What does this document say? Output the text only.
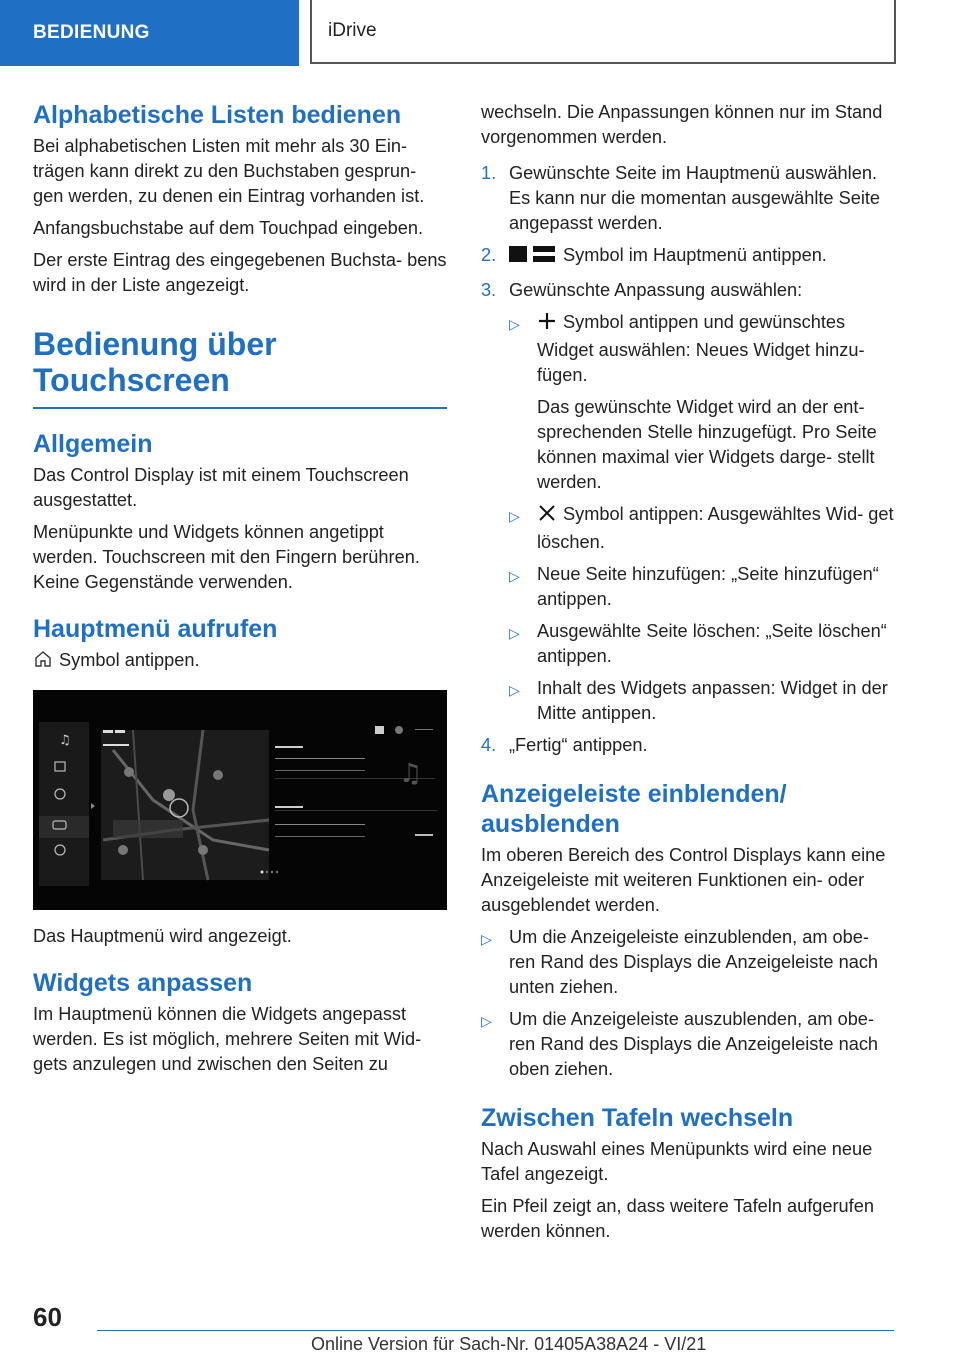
BEDIENUNG	iDrive
Alphabetische Listen bedienen

Bei alphabetischen Listen mit mehr als 30 Ein‐ trägen kann direkt zu den Buchstaben gesprun‐ gen werden, zu denen ein Eintrag vorhanden ist.

Anfangsbuchstabe auf dem Touchpad eingeben.

Der erste Eintrag des eingegebenen Buchsta‐ bens wird in der Liste angezeigt.

Bedienung über Touchscreen
Allgemein

Das Control Display ist mit einem Touchscreen ausgestattet.

Menüpunkte und Widgets können angetippt werden. Touchscreen mit den Fingern berühren. Keine Gegenstände verwenden.

Hauptmenü aufrufen

Symbol antippen.

♫
♫

Das Hauptmenü wird angezeigt.

Widgets anpassen

Im Hauptmenü können die Widgets angepasst werden. Es ist möglich, mehrere Seiten mit Wid‐ gets anzulegen und zwischen den Seiten zu

wechseln. Die Anpassungen können nur im Stand vorgenommen werden.

1. Gewünschte Seite im Hauptmenü auswählen. Es kann nur die momentan ausgewählte Seite angepasst werden.
2.	Symbol im Hauptmenü antippen.
3. Gewünschte Anpassung auswählen:
▷	Symbol antippen und gewünschtes Widget auswählen: Neues Widget hinzu‐ fügen.
Das gewünschte Widget wird an der ent‐ sprechenden Stelle hinzugefügt. Pro Seite können maximal vier Widgets darge‐ stellt werden.
▷	Symbol antippen: Ausgewähltes Wid‐ get löschen.
▷ Neue Seite hinzufügen: „Seite hinzufügen“ antippen.
▷ Ausgewählte Seite löschen: „Seite löschen“ antippen.
▷ Inhalt des Widgets anpassen: Widget in der Mitte antippen.
4. „Fertig“ antippen.
Anzeigeleiste einblenden/ ausblenden

Im oberen Bereich des Control Displays kann eine Anzeigeleiste mit weiteren Funktionen ein‐ oder ausgeblendet werden.

▷ Um die Anzeigeleiste einzublenden, am obe‐ ren Rand des Displays die Anzeigeleiste nach unten ziehen.
▷ Um die Anzeigeleiste auszublenden, am obe‐ ren Rand des Displays die Anzeigeleiste nach oben ziehen.
Zwischen Tafeln wechseln

Nach Auswahl eines Menüpunkts wird eine neue Tafel angezeigt.

Ein Pfeil zeigt an, dass weitere Tafeln aufgerufen werden können.

60
Online Version für Sach-Nr. 01405A38A24 - VI/21
